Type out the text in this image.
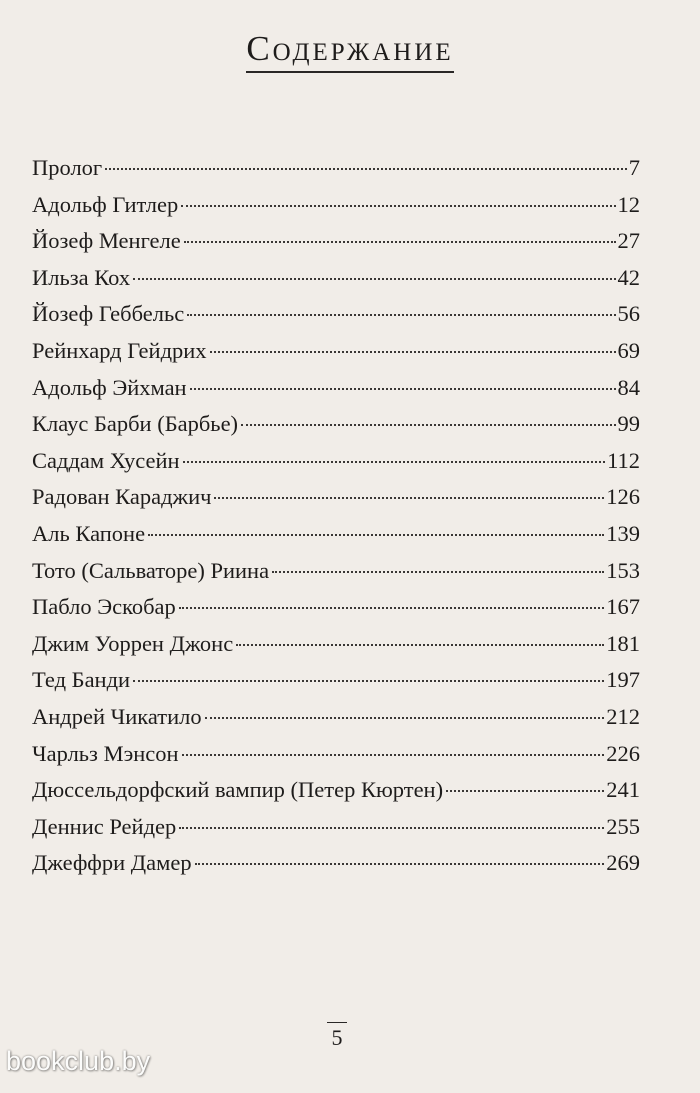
Содержание
Пролог	7
Адольф Гитлер	12
Йозеф Менгеле	27
Ильза Кох	42
Йозеф Геббельс	56
Рейнхард Гейдрих	69
Адольф Эйхман	84
Клаус Барби (Барбье)	99
Саддам Хусейн	112
Радован Караджич	126
Аль Капоне	139
Тото (Сальваторе) Риина	153
Пабло Эскобар	167
Джим Уоррен Джонс	181
Тед Банди	197
Андрей Чикатило	212
Чарльз Мэнсон	226
Дюссельдорфский вампир (Петер Кюртен)	241
Деннис Рейдер	255
Джеффри Дамер	269
5
bookclub.by
